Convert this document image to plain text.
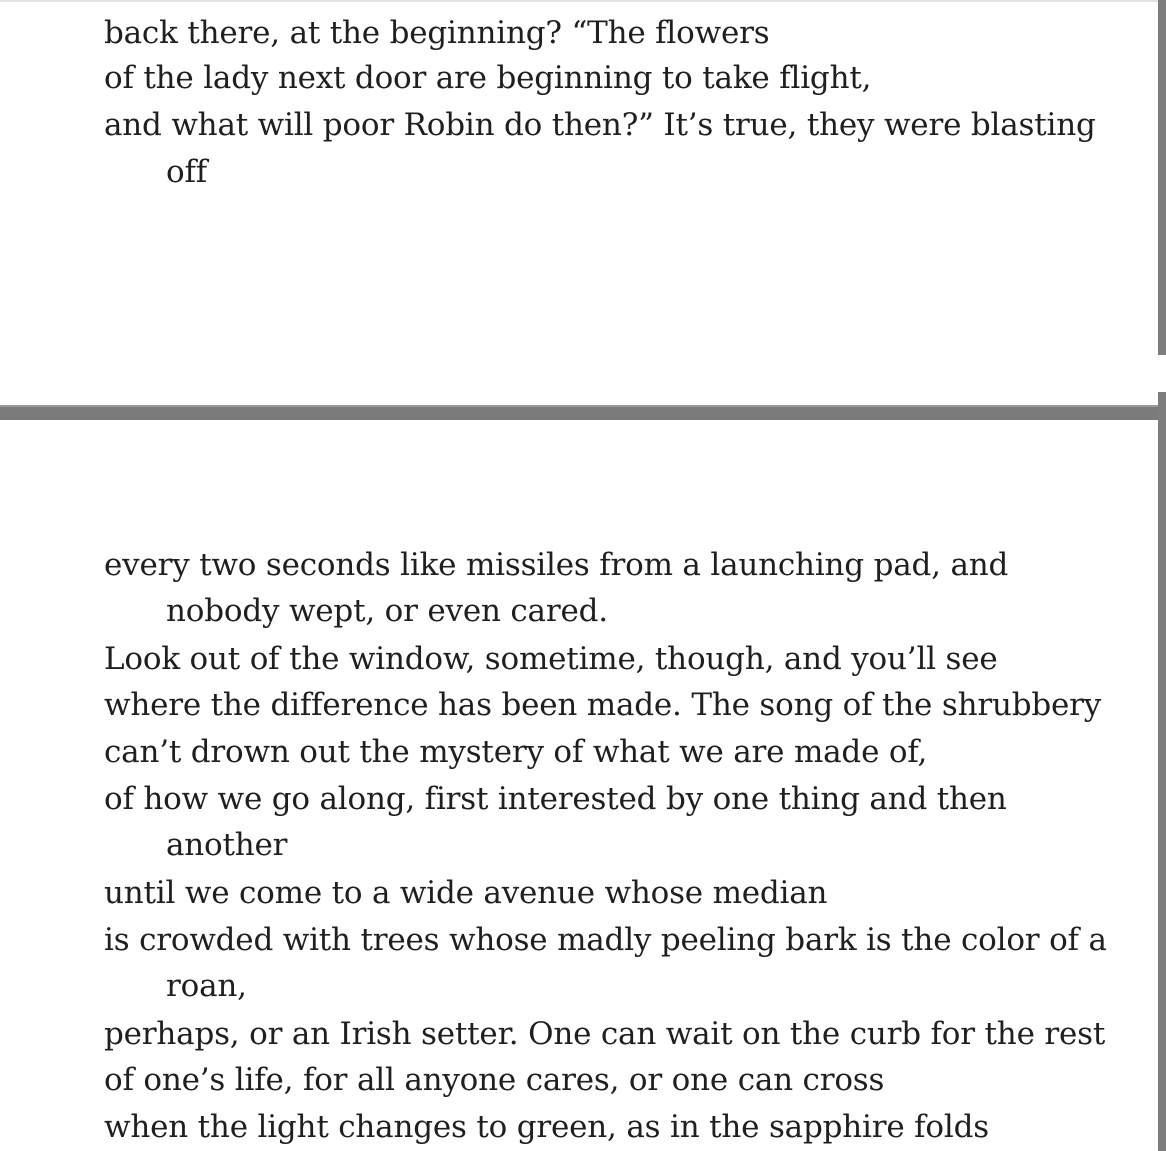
back there, at the beginning? “The flowers
of the lady next door are beginning to take flight,
and what will poor Robin do then?” It’s true, they were blasting
off
every two seconds like missiles from a launching pad, and
nobody wept, or even cared.
Look out of the window, sometime, though, and you’ll see
where the difference has been made. The song of the shrubbery
can’t drown out the mystery of what we are made of,
of how we go along, first interested by one thing and then
another
until we come to a wide avenue whose median
is crowded with trees whose madly peeling bark is the color of a
roan,
perhaps, or an Irish setter. One can wait on the curb for the rest
of one’s life, for all anyone cares, or one can cross
when the light changes to green, as in the sapphire folds
